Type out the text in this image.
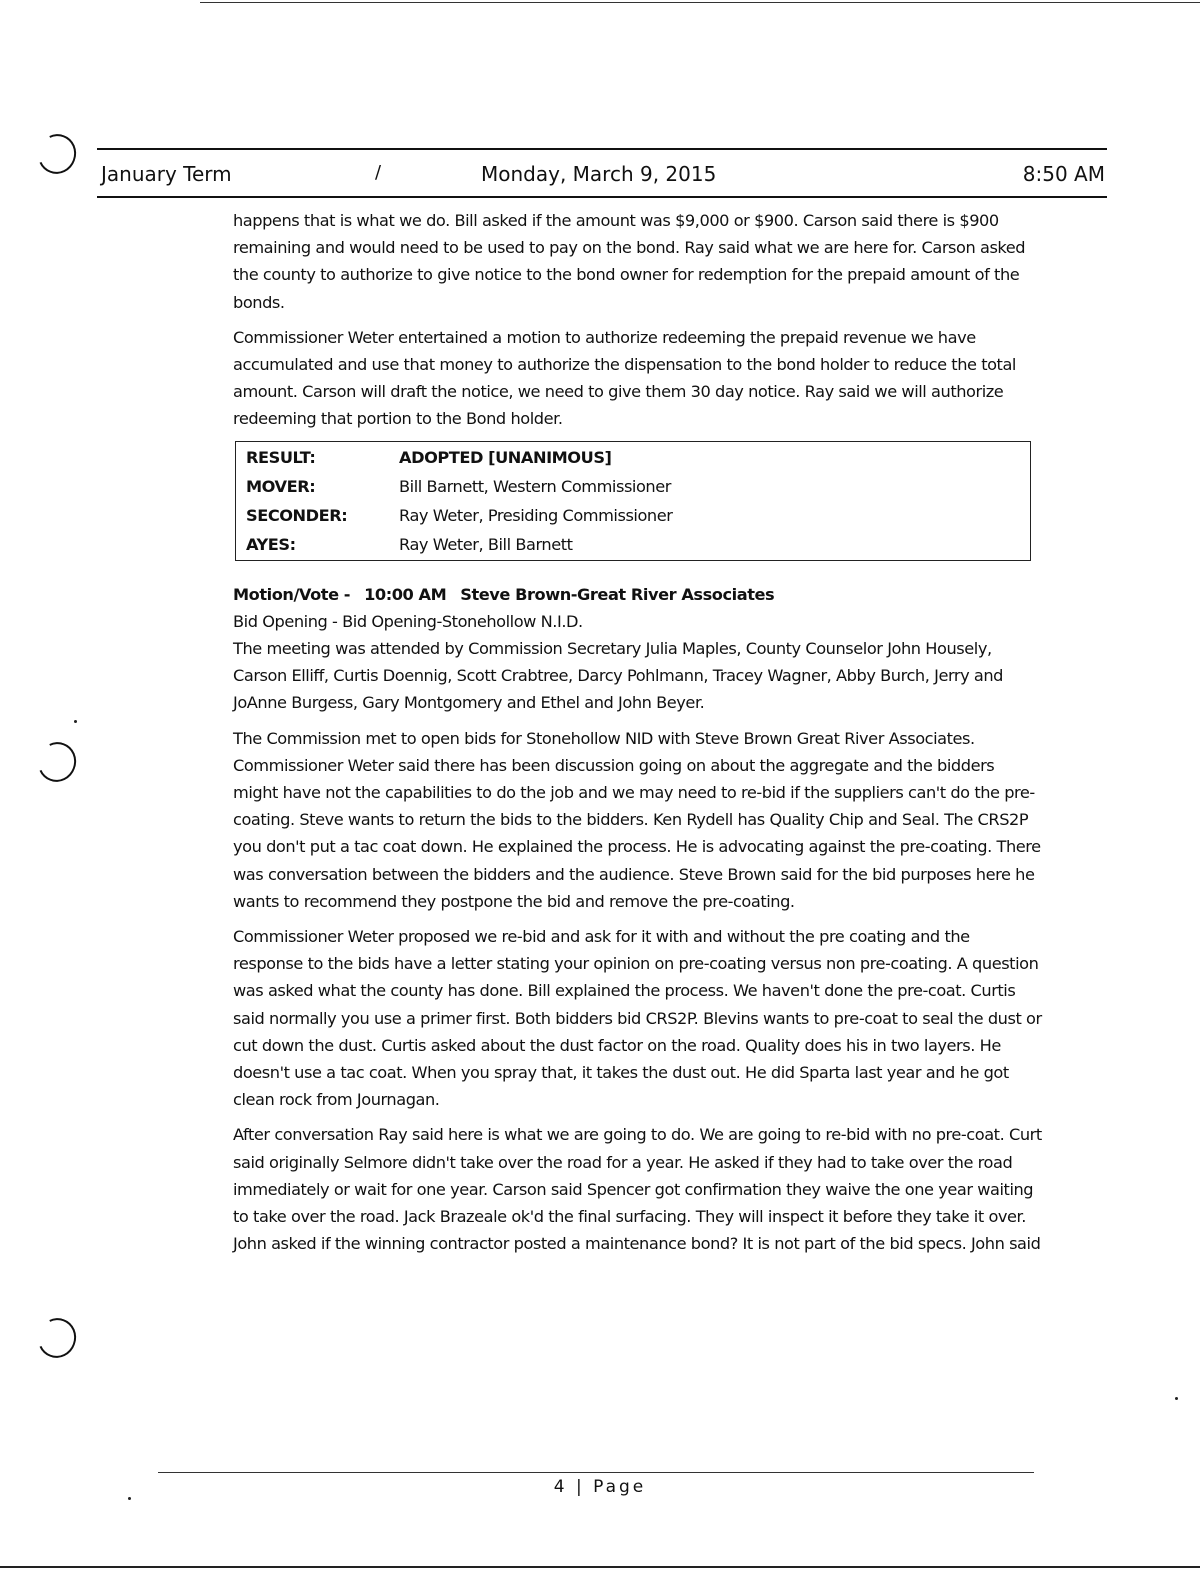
January Term	/	Monday, March 9, 2015	8:50 AM

happens that is what we do. Bill asked if the amount was $9,000 or $900. Carson said there is $900 remaining and would need to be used to pay on the bond. Ray said what we are here for. Carson asked the county to authorize to give notice to the bond owner for redemption for the prepaid amount of the bonds.

Commissioner Weter entertained a motion to authorize redeeming the prepaid revenue we have accumulated and use that money to authorize the dispensation to the bond holder to reduce the total amount. Carson will draft the notice, we need to give them 30 day notice. Ray said we will authorize redeeming that portion to the Bond holder.

RESULT:	ADOPTED [UNANIMOUS]
MOVER:	Bill Barnett, Western Commissioner
SECONDER:	Ray Weter, Presiding Commissioner
AYES:	Ray Weter, Bill Barnett
Motion/Vote - 10:00 AM Steve Brown-Great River Associates
Bid Opening - Bid Opening-Stonehollow N.I.D.

The meeting was attended by Commission Secretary Julia Maples, County Counselor John Housely, Carson Elliff, Curtis Doennig, Scott Crabtree, Darcy Pohlmann, Tracey Wagner, Abby Burch, Jerry and JoAnne Burgess, Gary Montgomery and Ethel and John Beyer.

The Commission met to open bids for Stonehollow NID with Steve Brown Great River Associates. Commissioner Weter said there has been discussion going on about the aggregate and the bidders might have not the capabilities to do the job and we may need to re-bid if the suppliers can't do the pre-coating. Steve wants to return the bids to the bidders. Ken Rydell has Quality Chip and Seal. The CRS2P you don't put a tac coat down. He explained the process. He is advocating against the pre-coating. There was conversation between the bidders and the audience. Steve Brown said for the bid purposes here he wants to recommend they postpone the bid and remove the pre-coating.

Commissioner Weter proposed we re-bid and ask for it with and without the pre coating and the response to the bids have a letter stating your opinion on pre-coating versus non pre-coating. A question was asked what the county has done. Bill explained the process. We haven't done the pre-coat. Curtis said normally you use a primer first. Both bidders bid CRS2P. Blevins wants to pre-coat to seal the dust or cut down the dust. Curtis asked about the dust factor on the road. Quality does his in two layers. He doesn't use a tac coat. When you spray that, it takes the dust out. He did Sparta last year and he got clean rock from Journagan.

After conversation Ray said here is what we are going to do. We are going to re-bid with no pre-coat. Curt said originally Selmore didn't take over the road for a year. He asked if they had to take over the road immediately or wait for one year. Carson said Spencer got confirmation they waive the one year waiting to take over the road. Jack Brazeale ok'd the final surfacing. They will inspect it before they take it over. John asked if the winning contractor posted a maintenance bond? It is not part of the bid specs. John said

4 | Page
